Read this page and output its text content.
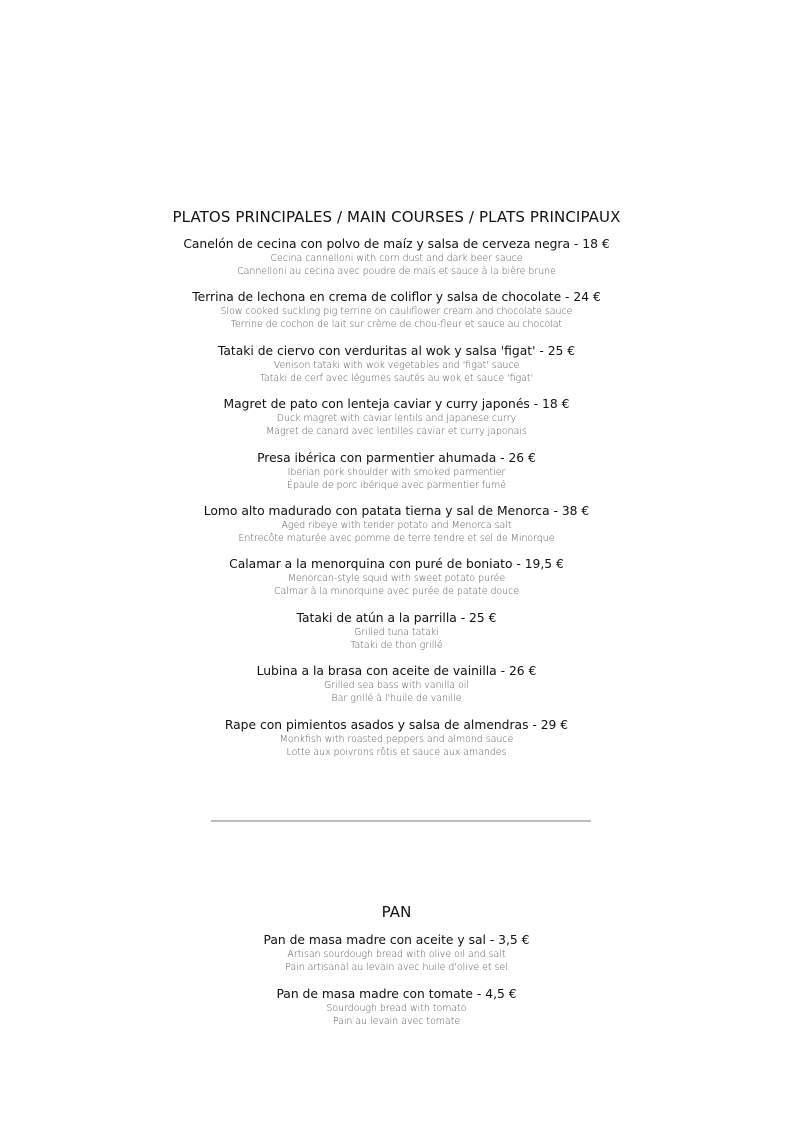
PLATOS PRINCIPALES / MAIN COURSES / PLATS PRINCIPAUX
Canelón de cecina con polvo de maíz y salsa de cerveza negra - 18 €
Cecina cannelloni with corn dust and dark beer sauce
Cannelloni au cecina avec poudre de maïs et sauce à la bière brune
Terrina de lechona en crema de coliflor y salsa de chocolate - 24 €
Slow cooked suckling pig terrine on cauliflower cream and chocolate sauce
Terrine de cochon de lait sur crème de chou-fleur et sauce au chocolat
Tataki de ciervo con verduritas al wok y salsa 'figat' - 25 €
Venison tataki with wok vegetables and 'figat' sauce
Tataki de cerf avec légumes sautés au wok et sauce 'figat'
Magret de pato con lenteja caviar y curry japonés - 18 €
Duck magret with caviar lentils and Japanese curry
Magret de canard avec lentilles caviar et curry japonais
Presa ibérica con parmentier ahumada - 26 €
Iberian pork shoulder with smoked parmentier
Épaule de porc ibérique avec parmentier fumé
Lomo alto madurado con patata tierna y sal de Menorca - 38 €
Aged ribeye with tender potato and Menorca salt
Entrecôte maturée avec pomme de terre tendre et sel de Minorque
Calamar a la menorquina con puré de boniato - 19,5 €
Menorcan-style squid with sweet potato purée
Calmar à la minorquine avec purée de patate douce
Tataki de atún a la parrilla - 25 €
Grilled tuna tataki
Tataki de thon grillé
Lubina a la brasa con aceite de vainilla - 26 €
Grilled sea bass with vanilla oil
Bar grillé à l'huile de vanille
Rape con pimientos asados y salsa de almendras - 29 €
Monkfish with roasted peppers and almond sauce
Lotte aux poivrons rôtis et sauce aux amandes
PAN
Pan de masa madre con aceite y sal - 3,5 €
Artisan sourdough bread with olive oil and salt
Pain artisanal au levain avec huile d'olive et sel
Pan de masa madre con tomate - 4,5 €
Sourdough bread with tomato
Pain au levain avec tomate
